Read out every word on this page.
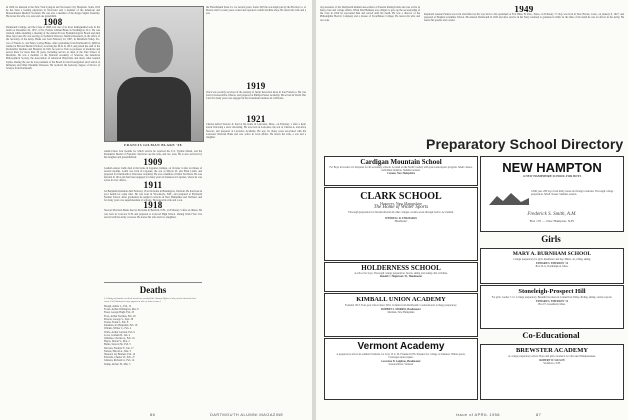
in 1929, he interned at the New York Lying-in and Worcester City Hospitals. Some 1910 he has been a leading physician in Worcester and a member of the American and Massachusetts Medical Societies. He was also a member of the Kappa Sigma fraternity. He leaves his wife, two sons and one grandchild.

1908

Dartmouth College, and the Class of 1908, lost one of its most distinguished sons in the death on December 20, 1957, of Dr. Francis Gilman Blake in Washington, D.C. He was stricken while attending a meeting of the Armed Forces Epidemiological Board and died three days later. He was serving as Technical Director, Medical Research, in the office of the Secretary of the Army. Blake was born February 22, 1887, in Mansfield Valley, Pa., son of Francis G. and Mary Loring Blake. After graduating from Dartmouth in 1908 he studied at Harvard Medical School, receiving his M.D. in 1913, and joined the staff of the Rockefeller Institute and Hospital. In 1921 he went to Yale as professor of medicine and served there for more than 30 years, including service as dean of the Yale School of Medicine. He was a member of the National Academy of Sciences, the American Philosophical Society, the Association of American Physicians and many other learned bodies. During the war he was president of the Board for the Investigation and Control of Influenza and Other Epidemic Diseases. He received the honorary degree of Doctor of Science from Dartmouth.

FRANCIS GILMAN BLAKE '08

studied there four months for which service he received the U.S. Typhus Medal, and the President's Medal of Freedom. Survivors are his wife, and two sons. He is also survived by his daughter and grandchildren. 1909

Graham Anson Lamb died at his home in Ligonier, Indiana, on October 4 after an illness of several months. Lamb was born in Ligonier, the son of Myron W. and Ellen Lamb, and prepared for Dartmouth at Worcester Academy. He was a member of Delta Tau Delta. He was married in 1914 and had been engaged for many years in business in Ligonier, where he was active in civic affairs.	1911

Ira Benjamin Kinsman died February 18 at his home in Bennington, Vermont. He had been in poor health for some time. He was born in Woodstock, N.H., and prepared at Plymouth Normal School. After graduation he taught in schools in New Hampshire and Vermont, and for many years was superintendent of schools. He leaves his wife and a son.

1918

Stewart Morrison Burns died at his home in Bedford, N.H., on February 5 after an illness. He was born in Concord, N.H. and prepared at Concord High School. During World War I he served with the Army overseas. He leaves his wife and two daughters.

Deaths
[A listing of deaths of which word has reached the Alumni Office in the period since the last issue. Full obituaries may appear in this or later issues.]
Hough, Arthur L., Feb. 13
Foster, Arthur Wellington, Mar. 8
Fuser, George Hugh, Feb. 23
Frost, Arthur Norman, Feb. 20
Preston, George S., Sept. 29
Turner, Frank J., Feb. 8
Kinsman, Ira Benjamin, Feb. 18
Walden, Wilder C., Feb. 4
Wolfe, Arthur Garrard, Feb. 9
Lowe, Graham B., Jan. 4
Ormsbee, Charles A., Feb. 16
Hayes, Dexter V., Mar. 2
Burns, Stewart M., Feb. 5
Dawson, Frederic F., Jan. 17
Nelson, Harold A., Mar. 3
Shepard, Jay Bennett, Feb. 14
Edwards, Chester W., Feb. 27
Johnson, Richard O., Feb. 14
Stump, Robert H., Mar. 5

the Fleischmann Yeast Co. for several years. Some 1933 he was employed by the Bowles Co. of Boston and for some years owned and operated a small machine shop. He leaves his wife and a son.

1919

Word was recently received of the passing of Justin Knowlton Rose in San Francisco. He was born in Jacksonville, Illinois, and prepared at Phillips Exeter Academy. He served in World War I and for many years was engaged in the investment business in California.

1921

Charles Alfred Stewart Jr. died at his home in Lancaster, Mass., on February 1 after a heart attack following a snow shoveling. He was born in Lancaster, the son of Charles A. and Alice Stewart, and prepared at Lawrence Academy. He was for many years associated with the Lancaster National Bank and was active in town affairs. He leaves his wife, a son and a daughter.

86	DARTMOUTH ALUMNI MAGAZINE

tary-treasurer of the Dartmouth Alumni Association of Eastern Pennsylvania and was active in many class and college affairs. When Paul Belknap was obliged to give up the secretaryship of the class in 1950 he succeeded him and served until his death. He was a director of the Philadelphia Electric Company and a trustee of Swarthmore College. He leaves his wife and two sons.

1949

Raymond Gruette Fenner was born and killed on his way back to his apartment at Fort Bliss, El Paso, Texas, on February 17. Ray was born in New Haven, Conn., on January 6, 1927, and prepared at Hopkins Grammar School. He entered Dartmouth in 1945 and after service in the Navy returned to graduate in 1949. At the time of his death he was an officer in the Army. He leaves his parents and a sister.

Preparatory School Directory
Cardigan Mountain School
For Boys in Grades 5-9. Prepares for all secondary schools. Located on the North Country with year-round sports program. Small classes, individual attention. Summer session.
Canaan, New Hampshire
CLARK SCHOOL
Hanover, New Hampshire
The Home of Winter Sports
Thorough preparation for Dartmouth and all other colleges. Grades seven through twelve. Accredited.
WENDELL D. THAMARUS
Headmaster
HOLDERNESS SCHOOL
A school for boys. Thorough college preparation. Sports, skiing and outing club activities.
Donald C. Hagerman '41, Headmaster
KIMBALL UNION ACADEMY
Founded 1813. Four-year school since 1934. 14 miles from Dartmouth. Coeducational. College preparatory.
ROBERT S. MORRIS, Headmaster
Meriden, New Hampshire
Vermont Academy
A preparatory school in southern Vermont, for boys 13 to 19. Founded 1876. Prepares for college or business. Winter sports. Catalogue upon request.
Lawrence B. Leighton, Headmaster
Saxtons River, Vermont
NEW HAMPTON
A NEW HAMPSHIRE SCHOOL FOR BOYS
129th year. 280 boys from thirty states and foreign countries. Thorough college preparation. Small classes. Summer session.
Frederick S. Smith, A.M.
Box 170 — New Hampton, N.H.
Girls
MARY A. BURNHAM SCHOOL
College preparatory for girls. Residence and day. Music, art, riding, skiing.
EDWARD S. EMERSON '14
Box 43-A, Northampton, Mass.
Stoneleigh-Prospect Hill
For girls. Grades 7-12. College preparatory. Beautiful location in Connecticut Valley. Riding, skiing, outdoor sports.
EDWARD S. EMERSON '14
Box 67, Greenfield, Mass.
Co-Educational
BREWSTER ACADEMY
A college preparatory school. Boys and girls. Grades 9-12. On Lake Winnipesaukee.
ROBERT W. GILSON
Wolfeboro, N.H.
Issue of APRIL 1958	87
